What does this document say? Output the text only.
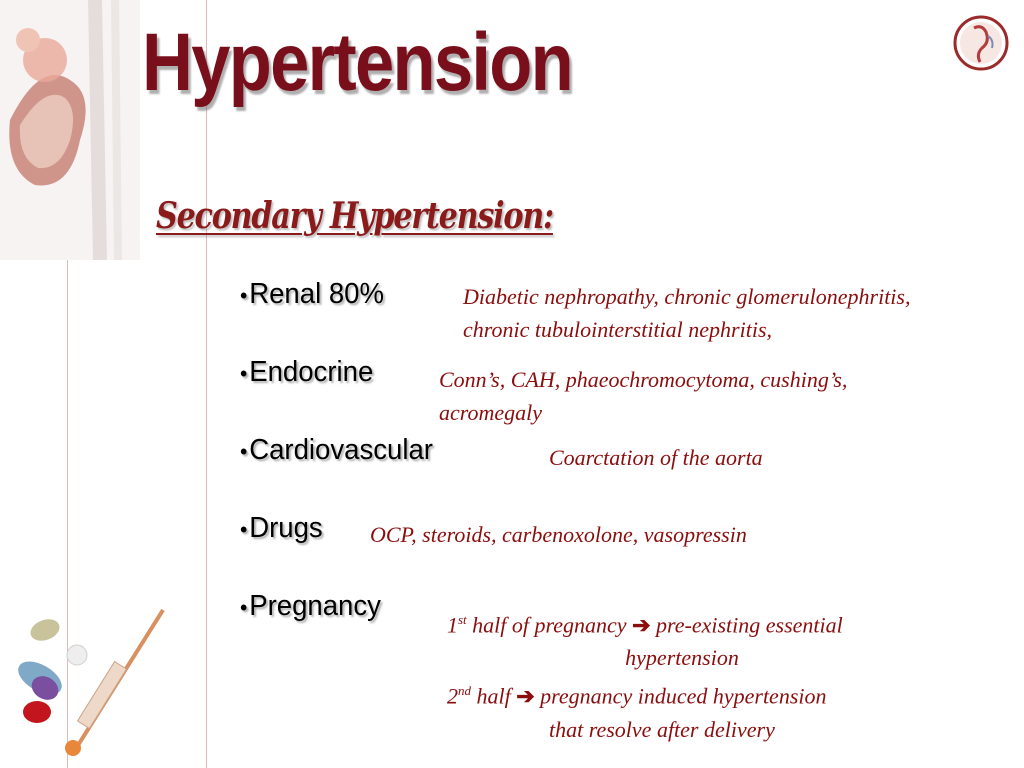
Hypertension
Secondary Hypertension:
•Renal 80%
•Endocrine
•Cardiovascular
•Drugs
•Pregnancy
Diabetic nephropathy, chronic glomerulonephritis,
chronic tubulointerstitial nephritis,
Conn’s, CAH, phaeochromocytoma, cushing’s,
acromegaly
Coarctation of the aorta
OCP, steroids, carbenoxolone, vasopressin
1st half of pregnancy ➔ pre-existing essential
hypertension
2nd half ➔ pregnancy induced hypertension
that resolve after delivery
